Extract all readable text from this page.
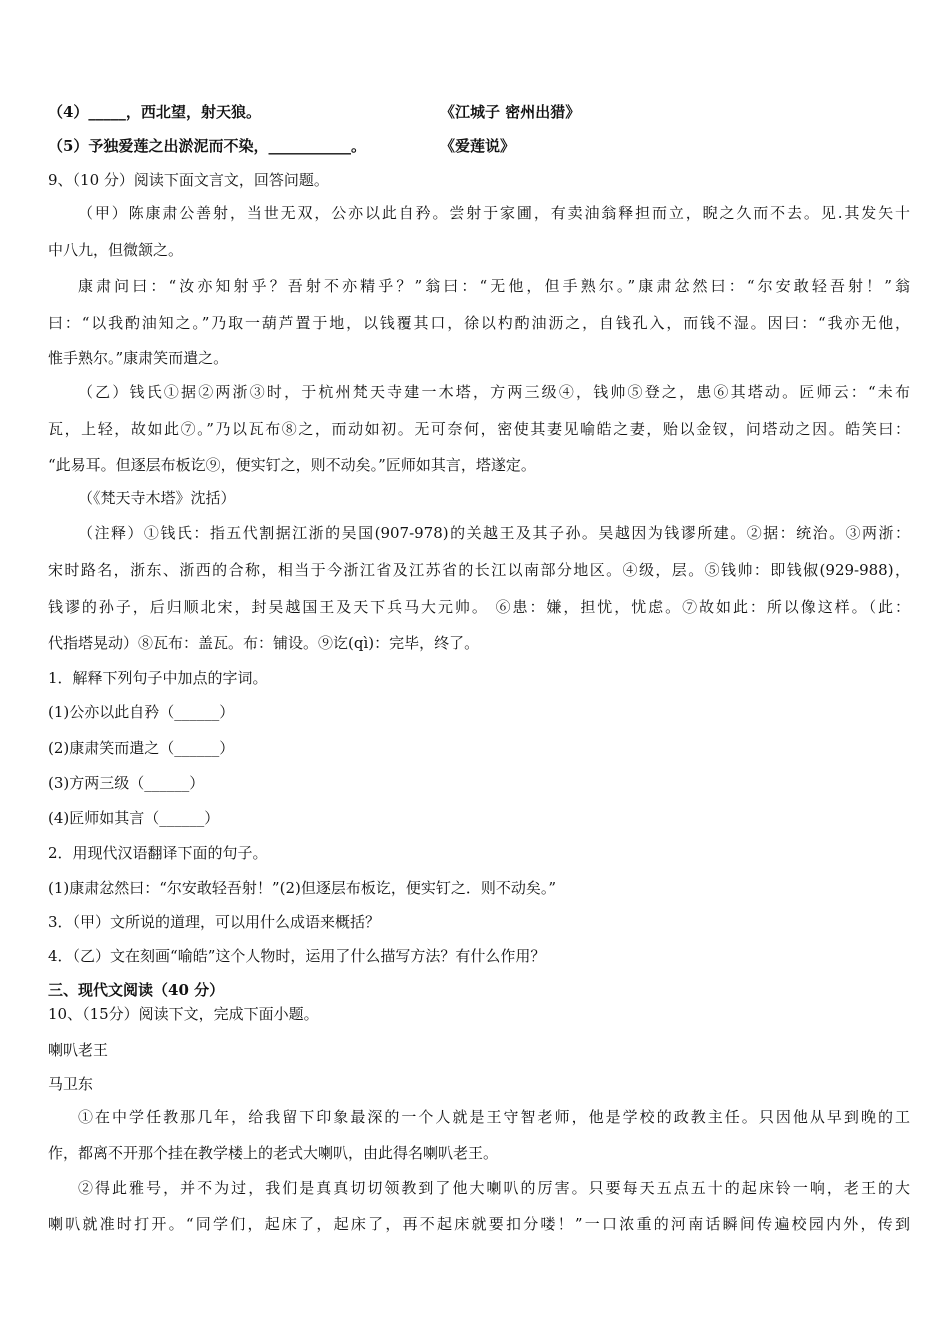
（4）_____，西北望，射天狼。	《江城子 密州出猎》
（5）予独爱莲之出淤泥而不染，___________。	《爱莲说》
9、（10 分）阅读下面文言文，回答问题。
（甲）陈康肃公善射，当世无双，公亦以此自矜。尝射于家圃，有卖油翁释担而立，睨之久而不去。见.其发矢十
中八九，但微颔之。
康肃问曰：“汝亦知射乎？吾射不亦精乎？”翁曰：“无他，但手熟尔。”康肃忿然曰：“尔安敢轻吾射！”翁
曰：“以我酌油知之。”乃取一葫芦置于地，以钱覆其口，徐以杓酌油沥之，自钱孔入，而钱不湿。因曰：“我亦无他，
惟手熟尔。”康肃笑而遣之。
（乙）钱氏①据②两浙③时，于杭州梵天寺建一木塔，方两三级④，钱帅⑤登之，患⑥其塔动。匠师云：“未布
瓦，上轻，故如此⑦。”乃以瓦布⑧之，而动如初。无可奈何，密使其妻见喻皓之妻，贻以金钗，问塔动之因。皓笑曰：
“此易耳。但逐层布板讫⑨，便实钉之，则不动矣。”匠师如其言，塔遂定。
（《梵天寺木塔》沈括）
（注释）①钱氏：指五代割据江浙的吴国(907-978)的关越王及其子孙。吴越因为钱谬所建。②据：统治。③两浙：
宋时路名，浙东、浙西的合称，相当于今浙江省及江苏省的长江以南部分地区。④级，层。⑤钱帅：即钱俶(929-988)，
钱谬的孙子，后归顺北宋，封吴越国王及天下兵马大元帅。 ⑥患：嫌，担忧，忧虑。⑦故如此：所以像这样。（此：
代指塔晃动）⑧瓦布：盖瓦。布：铺设。⑨讫(qì)：完毕，终了。
1．解释下列句子中加点的字词。
(1)公亦以此自矜（______）
(2)康肃笑而遣之（______）
(3)方两三级（______）
(4)匠师如其言（______）
2．用现代汉语翻译下面的句子。
(1)康肃忿然曰：“尔安敢轻吾射！”(2)但逐层布板讫，便实钉之．则不动矣。”
3．（甲）文所说的道理，可以用什么成语来概括？
4．（乙）文在刻画“喻皓”这个人物时，运用了什么描写方法？有什么作用？
三、现代文阅读（40 分）
10、（15分）阅读下文，完成下面小题。
喇叭老王
马卫东
①在中学任教那几年，给我留下印象最深的一个人就是王守智老师，他是学校的政教主任。只因他从早到晚的工
作，都离不开那个挂在教学楼上的老式大喇叭，由此得名喇叭老王。
②得此雅号，并不为过，我们是真真切切领教到了他大喇叭的厉害。只要每天五点五十的起床铃一响，老王的大
喇叭就准时打开。“同学们，起床了，起床了，再不起床就要扣分喽！”一口浓重的河南话瞬间传遍校园内外，传到
